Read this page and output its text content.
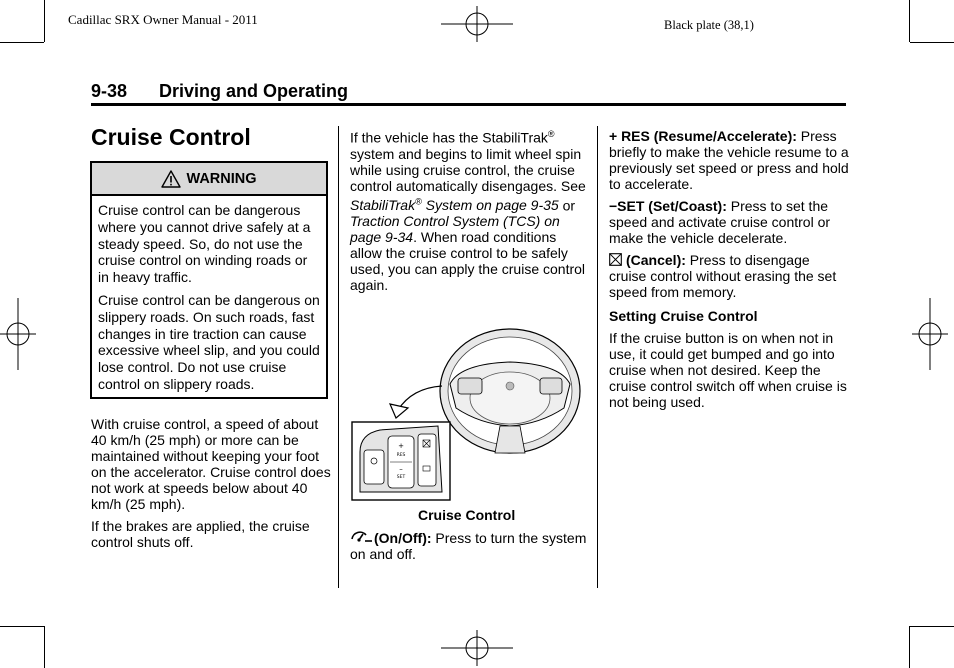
Cadillac SRX Owner Manual - 2011	Black plate (38,1)
9-38 Driving and Operating
Cruise Control
WARNING

Cruise control can be dangerous where you cannot drive safely at a steady speed. So, do not use the cruise control on winding roads or in heavy traffic.

Cruise control can be dangerous on slippery roads. On such roads, fast changes in tire traction can cause excessive wheel slip, and you could lose control. Do not use cruise control on slippery roads.

With cruise control, a speed of about 40 km/h (25 mph) or more can be maintained without keeping your foot on the accelerator. Cruise control does not work at speeds below about 40 km/h (25 mph).

If the brakes are applied, the cruise control shuts off.

If the vehicle has the StabiliTrak® system and begins to limit wheel spin while using cruise control, the cruise control automatically disengages. See StabiliTrak® System on page 9-35 or Traction Control System (TCS) on page 9-34. When road conditions allow the cruise control to be safely used, you can apply the cruise control again.

+
RES
–
SET
Cruise Control
(On/Off): Press to turn the system on and off.

+ RES (Resume/Accelerate): Press briefly to make the vehicle resume to a previously set speed or press and hold to accelerate.

−SET (Set/Coast): Press to set the speed and activate cruise control or make the vehicle decelerate.

(Cancel): Press to disengage cruise control without erasing the set speed from memory.

Setting Cruise Control

If the cruise button is on when not in use, it could get bumped and go into cruise when not desired. Keep the cruise control switch off when cruise is not being used.
